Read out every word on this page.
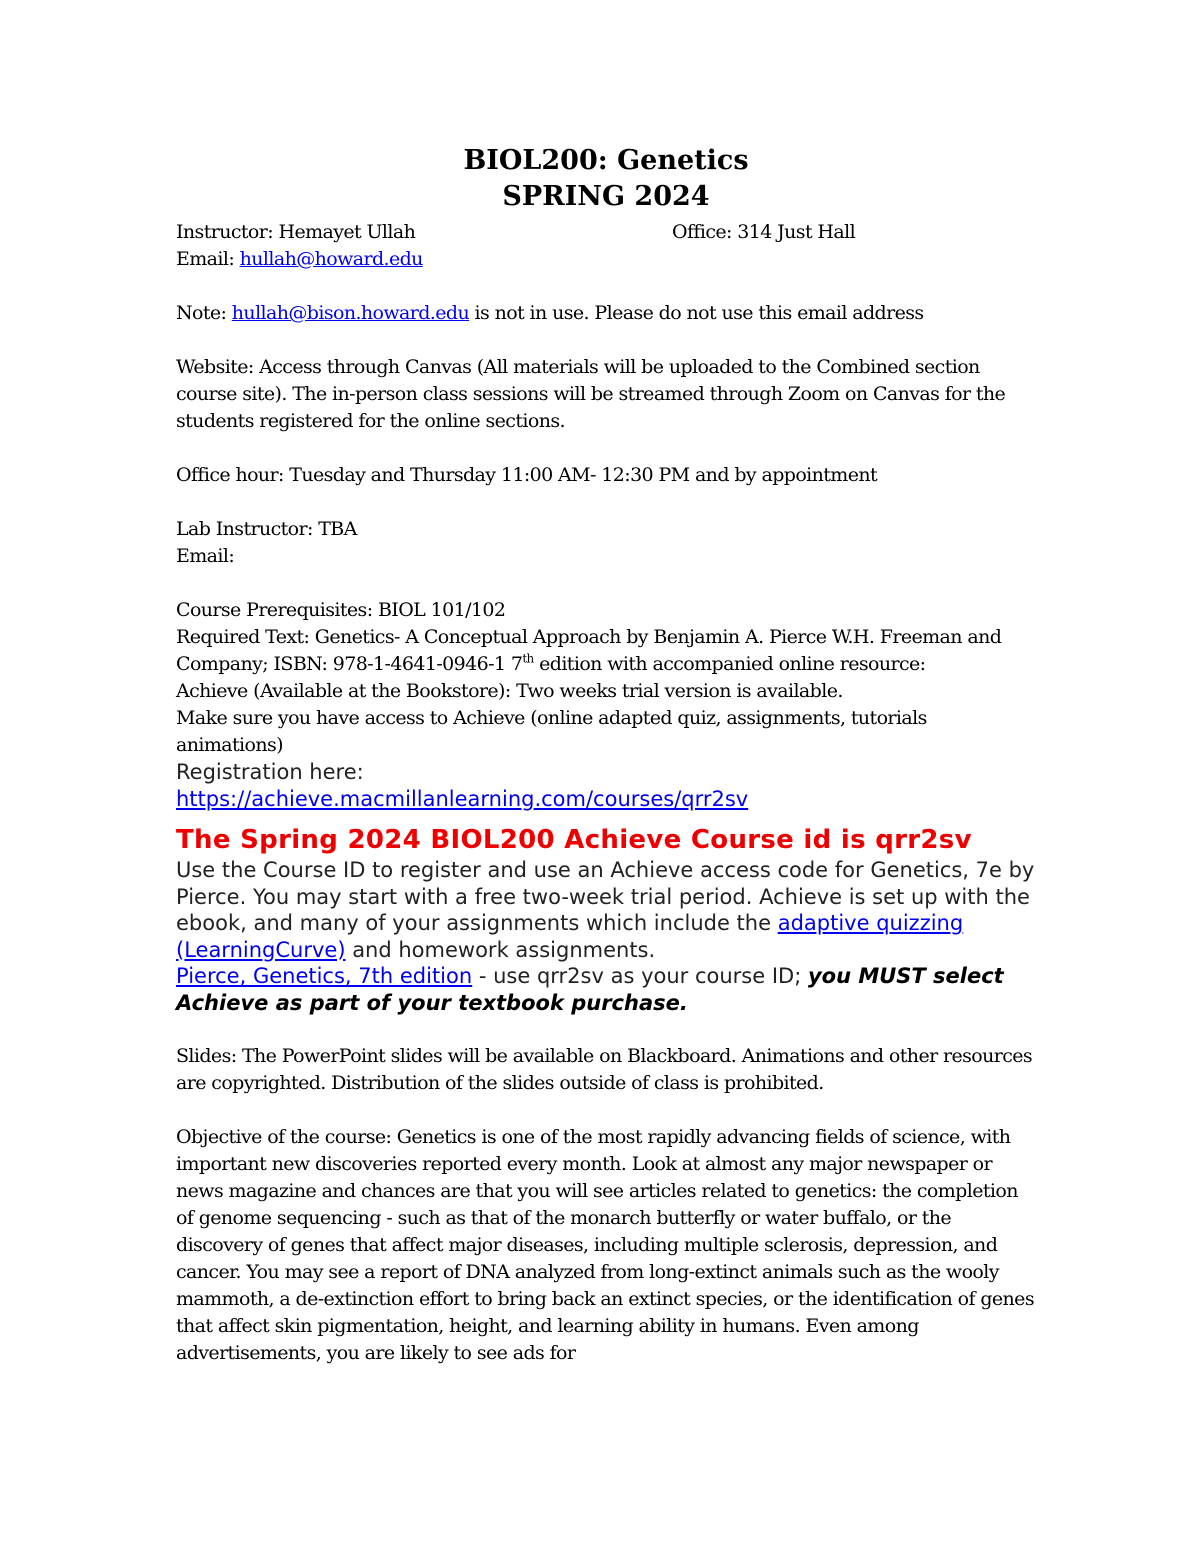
BIOL200: Genetics
SPRING 2024
Instructor: Hemayet Ullah	Office: 314 Just Hall
Email: hullah@howard.edu

Note: hullah@bison.howard.edu is not in use. Please do not use this email address

Website: Access through Canvas (All materials will be uploaded to the Combined section course site). The in-person class sessions will be streamed through Zoom on Canvas for the students registered for the online sections.

Office hour: Tuesday and Thursday 11:00 AM- 12:30 PM and by appointment

Lab Instructor: TBA

Email:

Course Prerequisites: BIOL 101/102

Required Text: Genetics- A Conceptual Approach by Benjamin A. Pierce W.H. Freeman and Company; ISBN: 978-1-4641-0946-1 7th edition with accompanied online resource:

Achieve (Available at the Bookstore): Two weeks trial version is available.

Make sure you have access to Achieve (online adapted quiz, assignments, tutorials animations)

Registration here:

https://achieve.macmillanlearning.com/courses/qrr2sv

The Spring 2024 BIOL200 Achieve Course id is qrr2sv

Use the Course ID to register and use an Achieve access code for Genetics, 7e by Pierce. You may start with a free two-week trial period. Achieve is set up with the ebook, and many of your assignments which include the adaptive quizzing (LearningCurve) and homework assignments.

Pierce, Genetics, 7th edition - use qrr2sv as your course ID; you MUST select Achieve as part of your textbook purchase.

Slides: The PowerPoint slides will be available on Blackboard. Animations and other resources are copyrighted. Distribution of the slides outside of class is prohibited.

Objective of the course: Genetics is one of the most rapidly advancing fields of science, with important new discoveries reported every month. Look at almost any major newspaper or news magazine and chances are that you will see articles related to genetics: the completion of genome sequencing - such as that of the monarch butterfly or water buffalo, or the discovery of genes that affect major diseases, including multiple sclerosis, depression, and cancer. You may see a report of DNA analyzed from long-extinct animals such as the wooly mammoth, a de-extinction effort to bring back an extinct species, or the identification of genes that affect skin pigmentation, height, and learning ability in humans. Even among advertisements, you are likely to see ads for
